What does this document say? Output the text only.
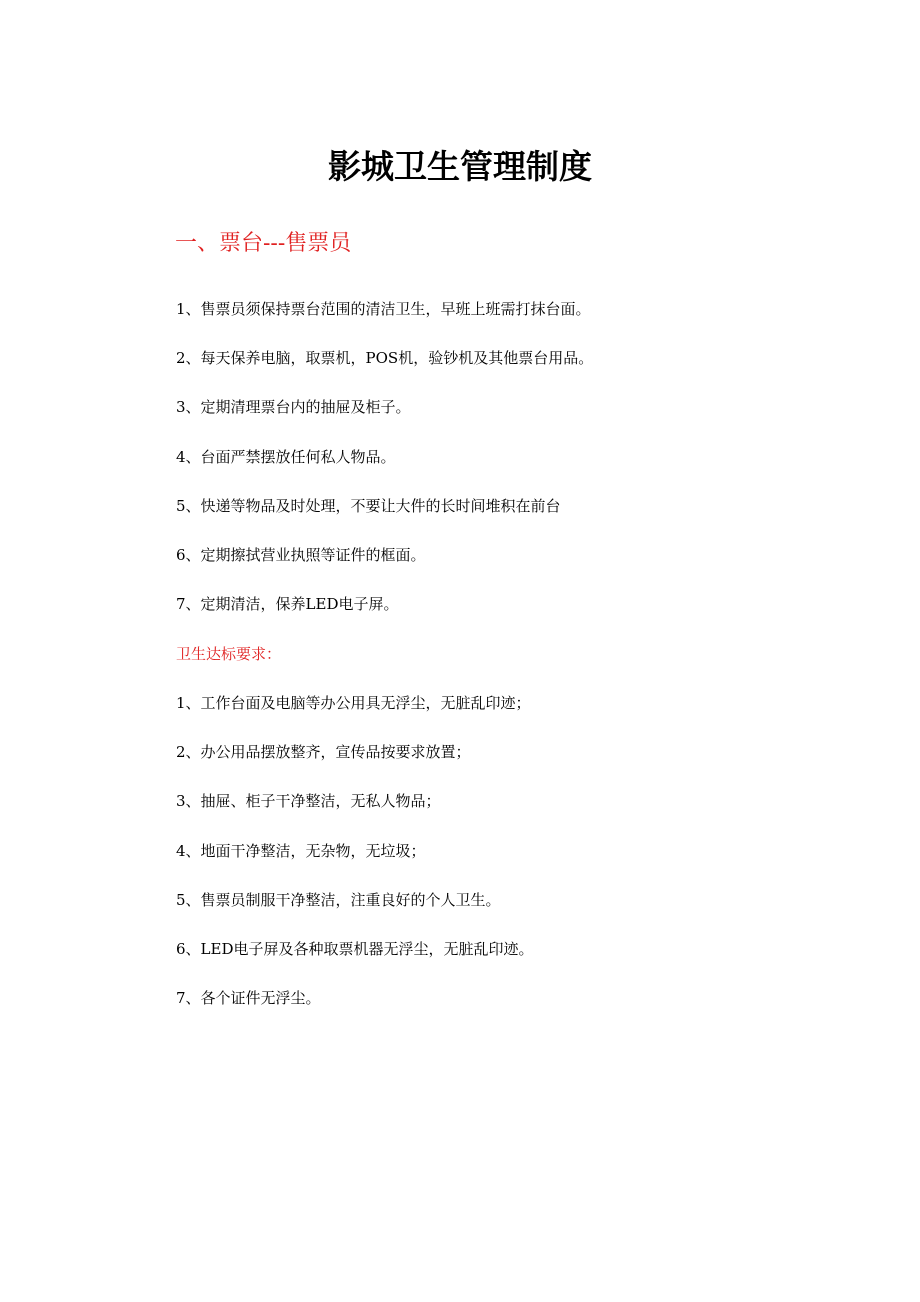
影城卫生管理制度
一、票台---售票员
1、售票员须保持票台范围的清洁卫生，早班上班需打抹台面。
2、每天保养电脑，取票机，POS机，验钞机及其他票台用品。
3、定期清理票台内的抽屉及柜子。
4、台面严禁摆放任何私人物品。
5、快递等物品及时处理，不要让大件的长时间堆积在前台
6、定期擦拭营业执照等证件的框面。
7、定期清洁，保养LED电子屏。
卫生达标要求：
1、工作台面及电脑等办公用具无浮尘，无脏乱印迹；
2、办公用品摆放整齐，宣传品按要求放置；
3、抽屉、柜子干净整洁，无私人物品；
4、地面干净整洁，无杂物，无垃圾；
5、售票员制服干净整洁，注重良好的个人卫生。
6、LED电子屏及各种取票机器无浮尘，无脏乱印迹。
7、各个证件无浮尘。
